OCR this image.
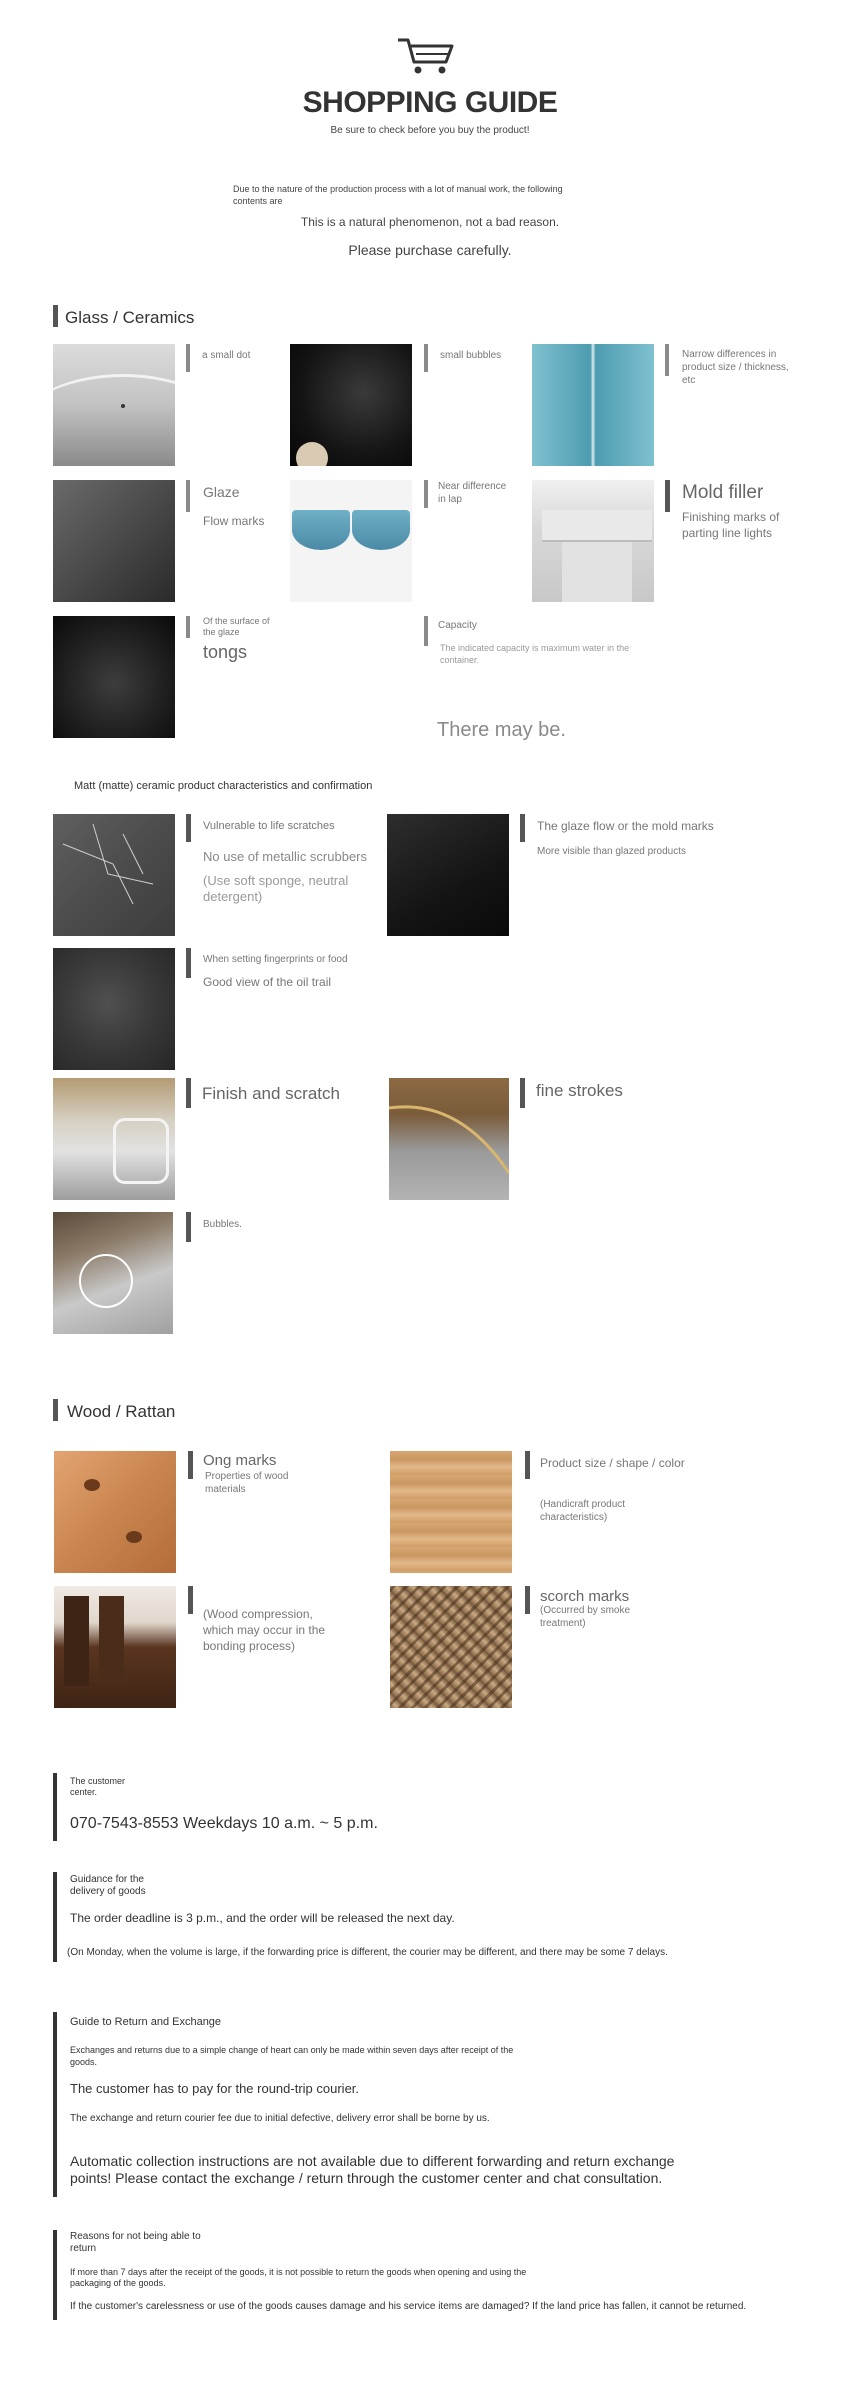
SHOPPING GUIDE
Be sure to check before you buy the product!
Due to the nature of the production process with a lot of manual work, the following contents are
This is a natural phenomenon, not a bad reason.
Please purchase carefully.
Glass / Ceramics
a small dot	small bubbles	Narrow differences in product size / thickness, etc
Glaze
Flow marks
Near difference in lap	Mold filler
Finishing marks of parting line lights
Of the surface of the glaze
tongs
Capacity
The indicated capacity is maximum water in the container.
There may be.
Matt (matte) ceramic product characteristics and confirmation
Vulnerable to life scratches
No use of metallic scrubbers
(Use soft sponge, neutral detergent)
The glaze flow or the mold marks
More visible than glazed products
When setting fingerprints or food
Good view of the oil trail
Finish and scratch	fine strokes
Bubbles.
Wood / Rattan
Ong marks
Properties of wood materials
Product size / shape / color
(Handicraft product characteristics)
(Wood compression, which may occur in the bonding process)
scorch marks
(Occurred by smoke treatment)
The customer center.
070-7543-8553 Weekdays 10 a.m. ~ 5 p.m.
Guidance for the delivery of goods
The order deadline is 3 p.m., and the order will be released the next day.
(On Monday, when the volume is large, if the forwarding price is different, the courier may be different, and there may be some 7 delays.
Guide to Return and Exchange
Exchanges and returns due to a simple change of heart can only be made within seven days after receipt of the goods.
The customer has to pay for the round-trip courier.
The exchange and return courier fee due to initial defective, delivery error shall be borne by us.
Automatic collection instructions are not available due to different forwarding and return exchange points! Please contact the exchange / return through the customer center and chat consultation.
Reasons for not being able to return
If more than 7 days after the receipt of the goods, it is not possible to return the goods when opening and using the packaging of the goods.
If the customer's carelessness or use of the goods causes damage and his service items are damaged? If the land price has fallen, it cannot be returned.
